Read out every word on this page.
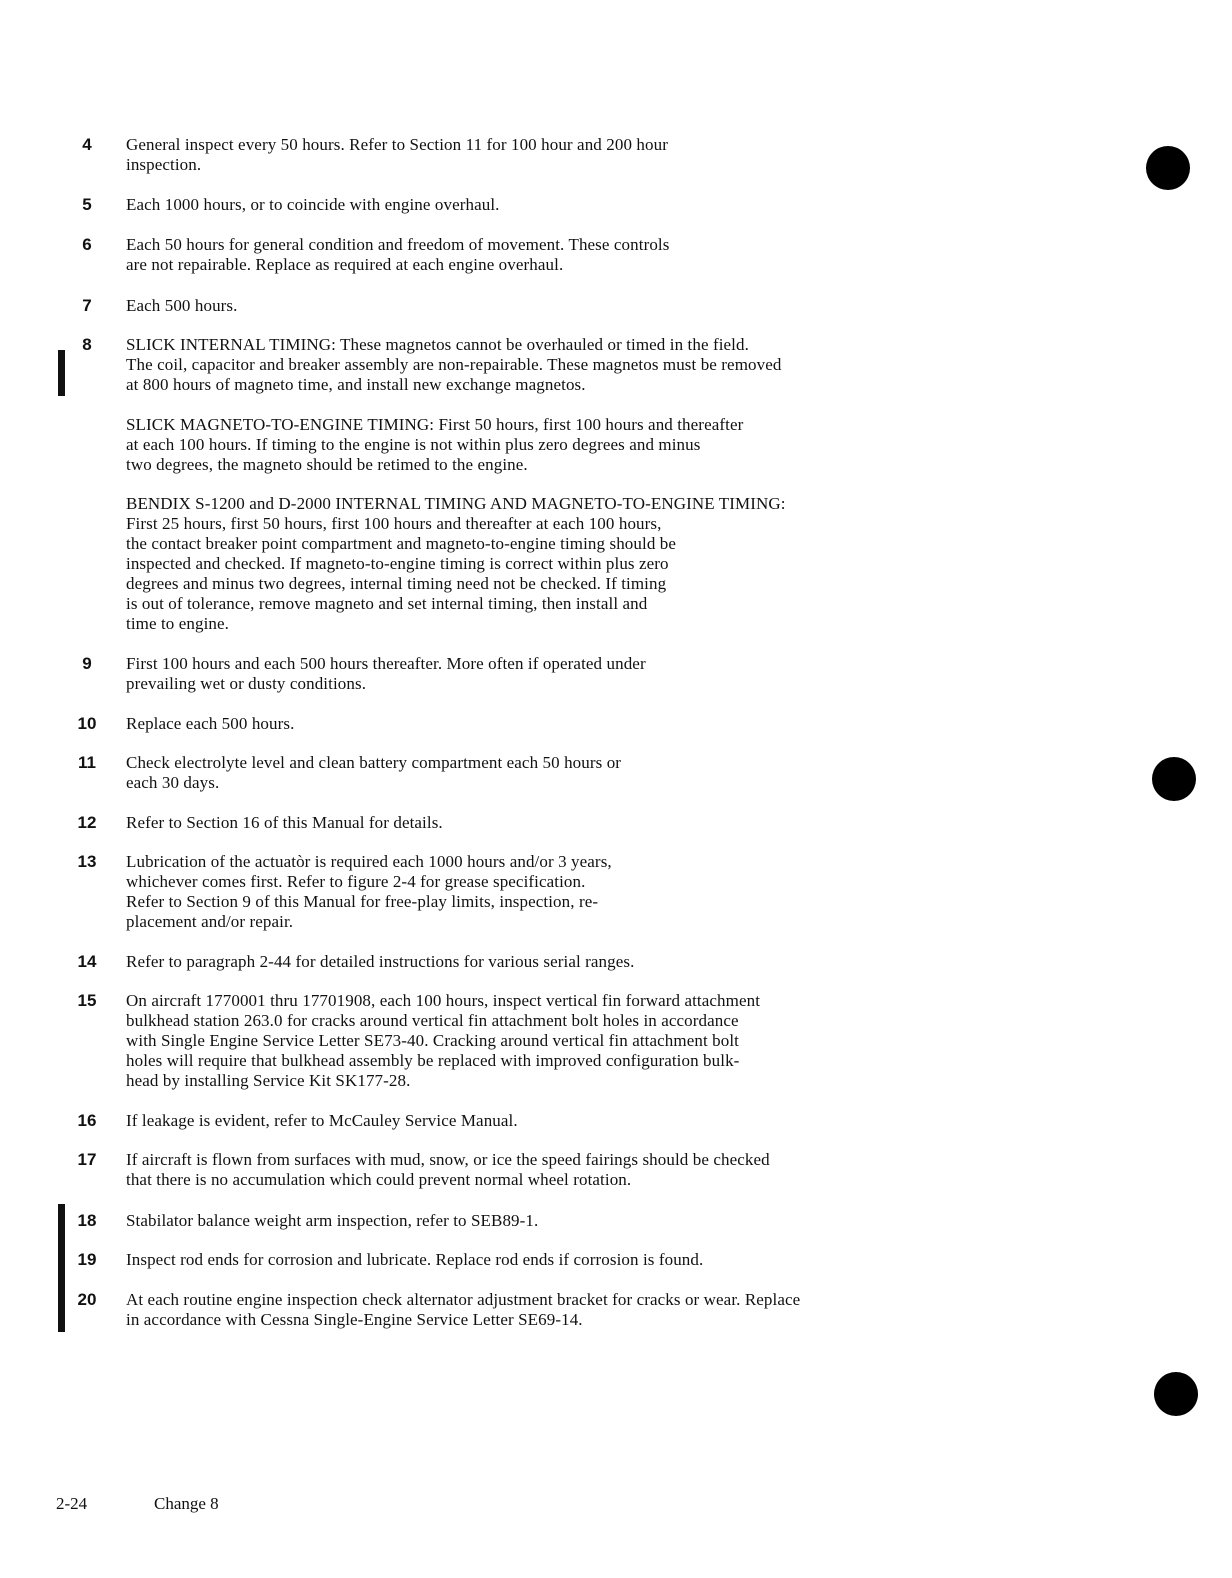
4	General inspect every 50 hours. Refer to Section 11 for 100 hour and 200 hour
inspection.

5	Each 1000 hours, or to coincide with engine overhaul.

6	Each 50 hours for general condition and freedom of movement. These controls
are not repairable. Replace as required at each engine overhaul.

7	Each 500 hours.

8	SLICK INTERNAL TIMING: These magnetos cannot be overhauled or timed in the field.
The coil, capacitor and breaker assembly are non-repairable. These magnetos must be removed
at 800 hours of magneto time, and install new exchange magnetos.

SLICK MAGNETO-TO-ENGINE TIMING: First 50 hours, first 100 hours and thereafter
at each 100 hours. If timing to the engine is not within plus zero degrees and minus
two degrees, the magneto should be retimed to the engine.

BENDIX S-1200 and D-2000 INTERNAL TIMING AND MAGNETO-TO-ENGINE TIMING:
First 25 hours, first 50 hours, first 100 hours and thereafter at each 100 hours,
the contact breaker point compartment and magneto-to-engine timing should be
inspected and checked. If magneto-to-engine timing is correct within plus zero
degrees and minus two degrees, internal timing need not be checked. If timing
is out of tolerance, remove magneto and set internal timing, then install and
time to engine.

9	First 100 hours and each 500 hours thereafter. More often if operated under
prevailing wet or dusty conditions.

10	Replace each 500 hours.

11	Check electrolyte level and clean battery compartment each 50 hours or
each 30 days.

12	Refer to Section 16 of this Manual for details.

13	Lubrication of the actuatòr is required each 1000 hours and/or 3 years,
whichever comes first. Refer to figure 2-4 for grease specification.
Refer to Section 9 of this Manual for free-play limits, inspection, re-
placement and/or repair.

14	Refer to paragraph 2-44 for detailed instructions for various serial ranges.

15	On aircraft 1770001 thru 17701908, each 100 hours, inspect vertical fin forward attachment
bulkhead station 263.0 for cracks around vertical fin attachment bolt holes in accordance
with Single Engine Service Letter SE73-40. Cracking around vertical fin attachment bolt
holes will require that bulkhead assembly be replaced with improved configuration bulk-
head by installing Service Kit SK177-28.

16	If leakage is evident, refer to McCauley Service Manual.

17	If aircraft is flown from surfaces with mud, snow, or ice the speed fairings should be checked
that there is no accumulation which could prevent normal wheel rotation.

18	Stabilator balance weight arm inspection, refer to SEB89-1.

19	Inspect rod ends for corrosion and lubricate. Replace rod ends if corrosion is found.

20	At each routine engine inspection check alternator adjustment bracket for cracks or wear. Replace
in accordance with Cessna Single-Engine Service Letter SE69-14.

2-24	Change 8
